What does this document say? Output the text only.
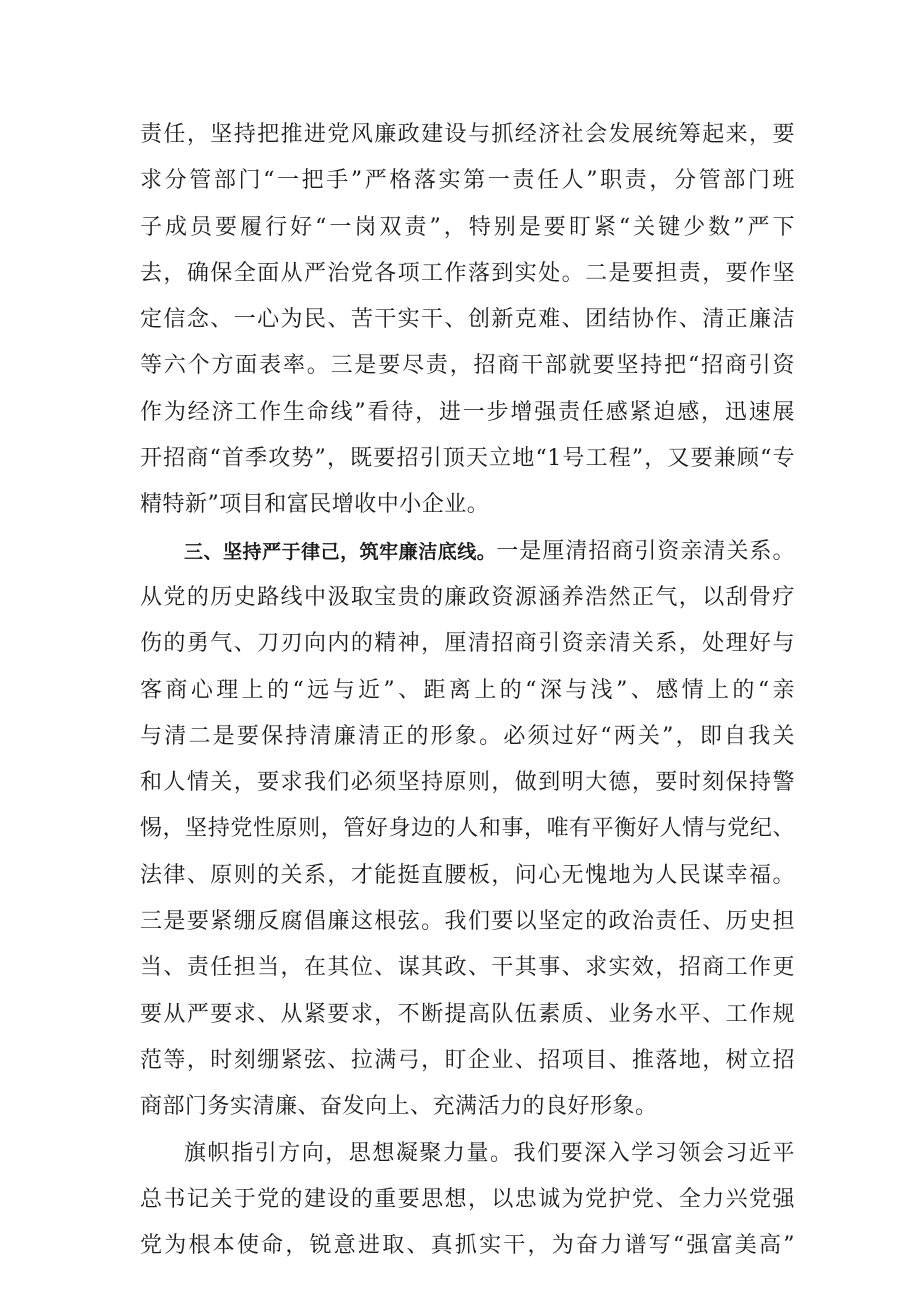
责任，坚持把推进党风廉政建设与抓经济社会发展统筹起来，要
求分管部门“一把手”严格落实第一责任人”职责，分管部门班
子成员要履行好“一岗双责”，特别是要盯紧“关键少数”严下
去，确保全面从严治党各项工作落到实处。二是要担责，要作坚
定信念、一心为民、苦干实干、创新克难、团结协作、清正廉洁
等六个方面表率。三是要尽责，招商干部就要坚持把“招商引资
作为经济工作生命线”看待，进一步增强责任感紧迫感，迅速展
开招商“首季攻势”，既要招引顶天立地“1号工程”，又要兼顾“专
精特新”项目和富民增收中小企业。
三、坚持严于律己，筑牢廉洁底线。一是厘清招商引资亲清关系。
从党的历史路线中汲取宝贵的廉政资源涵养浩然正气，以刮骨疗
伤的勇气、刀刃向内的精神，厘清招商引资亲清关系，处理好与
客商心理上的“远与近”、距离上的“深与浅”、感情上的“亲
与清二是要保持清廉清正的形象。必须过好“两关”，即自我关
和人情关，要求我们必须坚持原则，做到明大德，要时刻保持警
惕，坚持党性原则，管好身边的人和事，唯有平衡好人情与党纪、
法律、原则的关系，才能挺直腰板，问心无愧地为人民谋幸福。
三是要紧绷反腐倡廉这根弦。我们要以坚定的政治责任、历史担
当、责任担当，在其位、谋其政、干其事、求实效，招商工作更
要从严要求、从紧要求，不断提高队伍素质、业务水平、工作规
范等，时刻绷紧弦、拉满弓，盯企业、招项目、推落地，树立招
商部门务实清廉、奋发向上、充满活力的良好形象。
旗帜指引方向，思想凝聚力量。我们要深入学习领会习近平
总书记关于党的建设的重要思想，以忠诚为党护党、全力兴党强
党为根本使命，锐意进取、真抓实干，为奋力谱写“强富美高”
